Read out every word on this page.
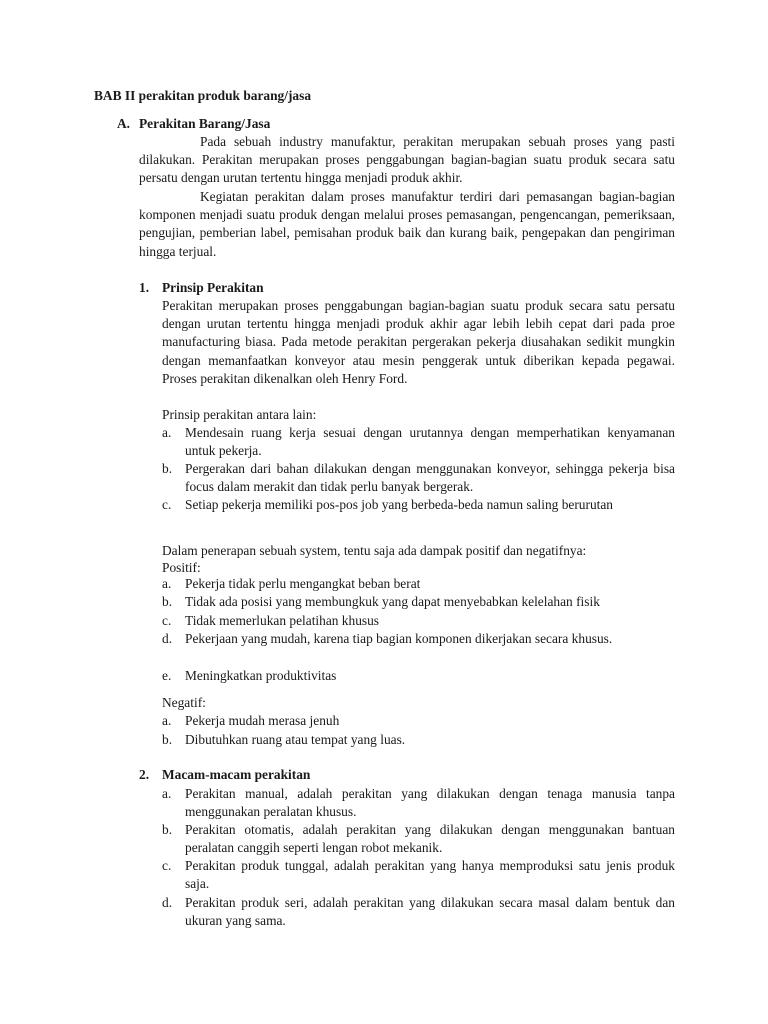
BAB II perakitan produk barang/jasa
A. Perakitan Barang/Jasa

Pada sebuah industry manufaktur, perakitan merupakan sebuah proses yang pasti dilakukan. Perakitan merupakan proses penggabungan bagian-bagian suatu produk secara satu persatu dengan urutan tertentu hingga menjadi produk akhir.

Kegiatan perakitan dalam proses manufaktur terdiri dari pemasangan bagian-bagian komponen menjadi suatu produk dengan melalui proses pemasangan, pengencangan, pemeriksaan, pengujian, pemberian label, pemisahan produk baik dan kurang baik, pengepakan dan pengiriman hingga terjual.

1. Prinsip Perakitan

Perakitan merupakan proses penggabungan bagian-bagian suatu produk secara satu persatu dengan urutan tertentu hingga menjadi produk akhir agar lebih lebih cepat dari pada proe manufacturing biasa. Pada metode perakitan pergerakan pekerja diusahakan sedikit mungkin dengan memanfaatkan konveyor atau mesin penggerak untuk diberikan kepada pegawai. Proses perakitan dikenalkan oleh Henry Ford.

Prinsip perakitan antara lain:
a. Mendesain ruang kerja sesuai dengan urutannya dengan memperhatikan kenyamanan untuk pekerja.
b. Pergerakan dari bahan dilakukan dengan menggunakan konveyor, sehingga pekerja bisa focus dalam merakit dan tidak perlu banyak bergerak.
c. Setiap pekerja memiliki pos-pos job yang berbeda-beda namun saling berurutan
Dalam penerapan sebuah system, tentu saja ada dampak positif dan negatifnya:
Positif:
a. Pekerja tidak perlu mengangkat beban berat
b. Tidak ada posisi yang membungkuk yang dapat menyebabkan kelelahan fisik
c. Tidak memerlukan pelatihan khusus
d. Pekerjaan yang mudah, karena tiap bagian komponen dikerjakan secara khusus.
e. Meningkatkan produktivitas
Negatif:
a. Pekerja mudah merasa jenuh
b. Dibutuhkan ruang atau tempat yang luas.
2. Macam-macam perakitan
a. Perakitan manual, adalah perakitan yang dilakukan dengan tenaga manusia tanpa menggunakan peralatan khusus.
b. Perakitan otomatis, adalah perakitan yang dilakukan dengan menggunakan bantuan peralatan canggih seperti lengan robot mekanik.
c. Perakitan produk tunggal, adalah perakitan yang hanya memproduksi satu jenis produk saja.
d. Perakitan produk seri, adalah perakitan yang dilakukan secara masal dalam bentuk dan ukuran yang sama.
